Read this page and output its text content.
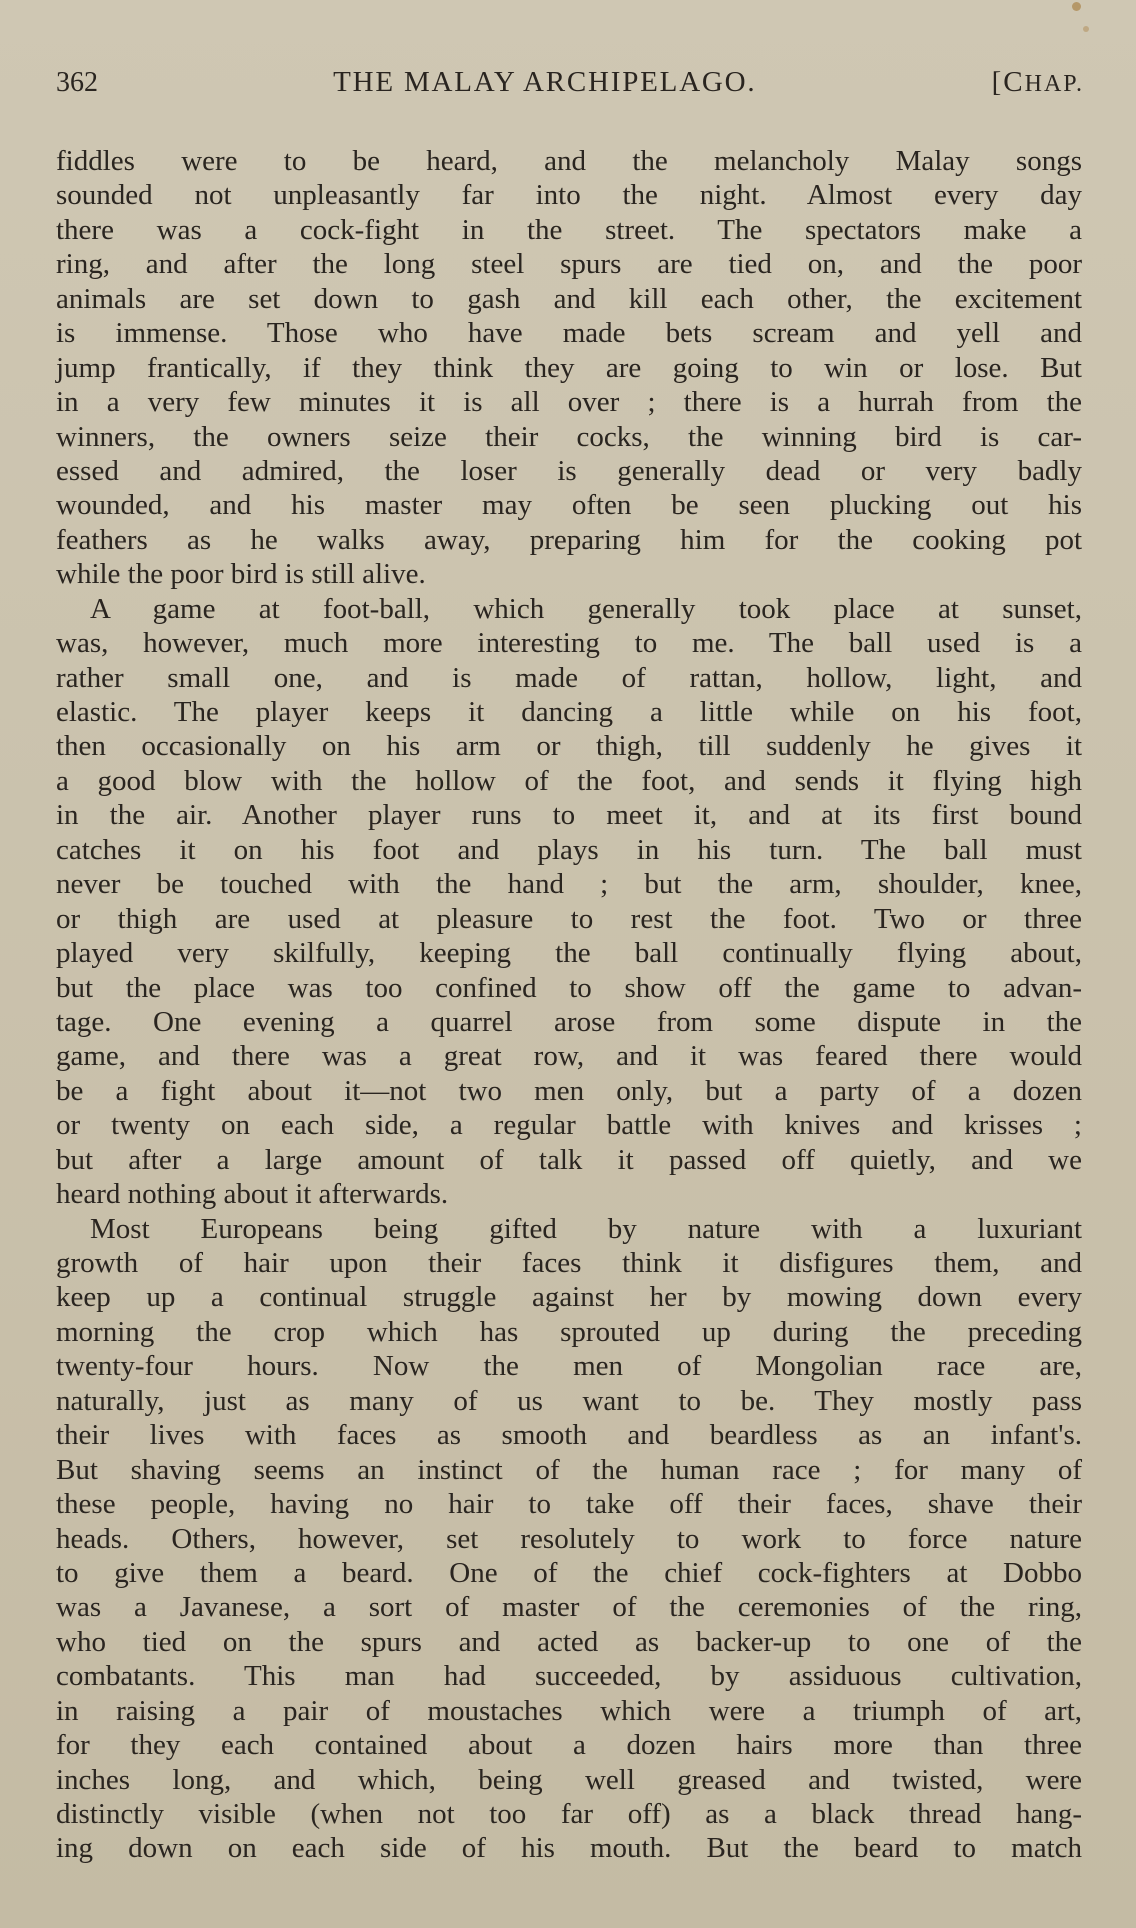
362	THE MALAY ARCHIPELAGO.	[CHAP.
fiddles were to be heard, and the melancholy Malay songs
sounded not unpleasantly far into the night. Almost every day
there was a cock-fight in the street. The spectators make a
ring, and after the long steel spurs are tied on, and the poor
animals are set down to gash and kill each other, the excitement
is immense. Those who have made bets scream and yell and
jump frantically, if they think they are going to win or lose. But
in a very few minutes it is all over ; there is a hurrah from the
winners, the owners seize their cocks, the winning bird is car-
essed and admired, the loser is generally dead or very badly
wounded, and his master may often be seen plucking out his
feathers as he walks away, preparing him for the cooking pot
while the poor bird is still alive.
A game at foot-ball, which generally took place at sunset,
was, however, much more interesting to me. The ball used is a
rather small one, and is made of rattan, hollow, light, and
elastic. The player keeps it dancing a little while on his foot,
then occasionally on his arm or thigh, till suddenly he gives it
a good blow with the hollow of the foot, and sends it flying high
in the air. Another player runs to meet it, and at its first bound
catches it on his foot and plays in his turn. The ball must
never be touched with the hand ; but the arm, shoulder, knee,
or thigh are used at pleasure to rest the foot. Two or three
played very skilfully, keeping the ball continually flying about,
but the place was too confined to show off the game to advan-
tage. One evening a quarrel arose from some dispute in the
game, and there was a great row, and it was feared there would
be a fight about it—not two men only, but a party of a dozen
or twenty on each side, a regular battle with knives and krisses ;
but after a large amount of talk it passed off quietly, and we
heard nothing about it afterwards.
Most Europeans being gifted by nature with a luxuriant
growth of hair upon their faces think it disfigures them, and
keep up a continual struggle against her by mowing down every
morning the crop which has sprouted up during the preceding
twenty-four hours. Now the men of Mongolian race are,
naturally, just as many of us want to be. They mostly pass
their lives with faces as smooth and beardless as an infant's.
But shaving seems an instinct of the human race ; for many of
these people, having no hair to take off their faces, shave their
heads. Others, however, set resolutely to work to force nature
to give them a beard. One of the chief cock-fighters at Dobbo
was a Javanese, a sort of master of the ceremonies of the ring,
who tied on the spurs and acted as backer-up to one of the
combatants. This man had succeeded, by assiduous cultivation,
in raising a pair of moustaches which were a triumph of art,
for they each contained about a dozen hairs more than three
inches long, and which, being well greased and twisted, were
distinctly visible (when not too far off) as a black thread hang-
ing down on each side of his mouth. But the beard to match
